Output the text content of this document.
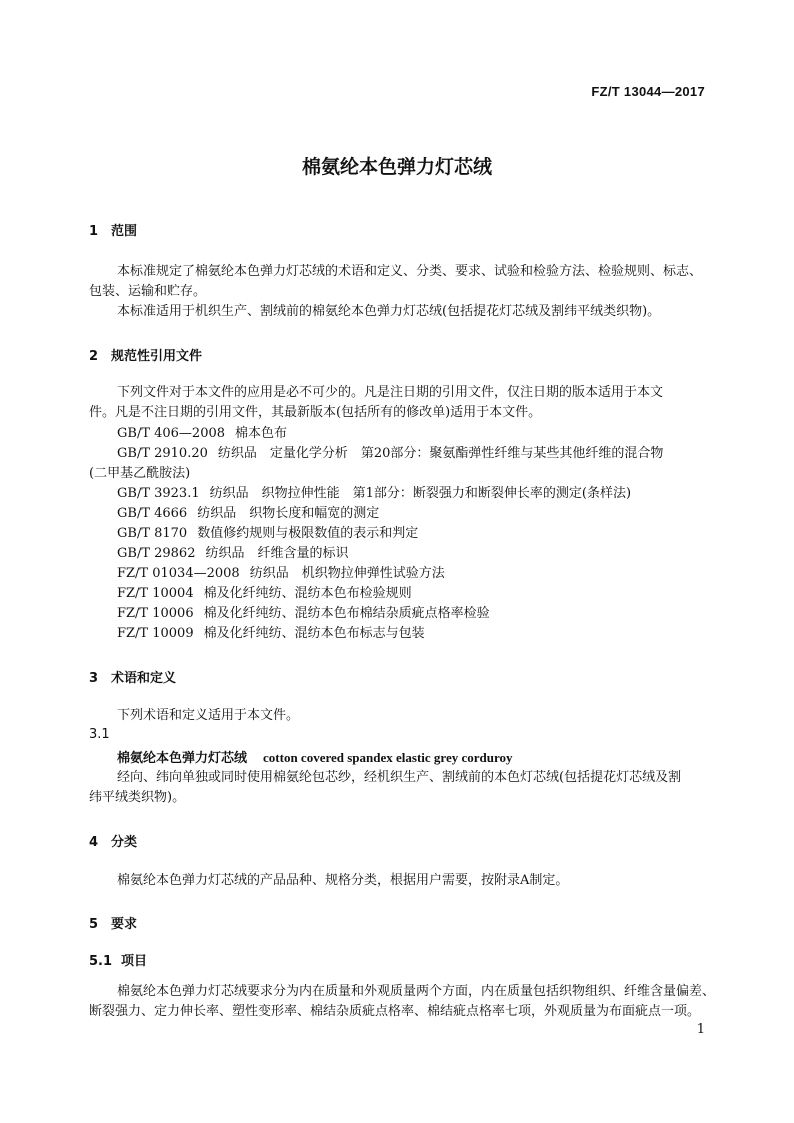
FZ/T 13044—2017
棉氨纶本色弹力灯芯绒
1 范围
本标准规定了棉氨纶本色弹力灯芯绒的术语和定义、分类、要求、试验和检验方法、检验规则、标志、
包装、运输和贮存。
本标准适用于机织生产、割绒前的棉氨纶本色弹力灯芯绒(包括提花灯芯绒及割纬平绒类织物)。
2 规范性引用文件
下列文件对于本文件的应用是必不可少的。凡是注日期的引用文件，仅注日期的版本适用于本文
件。凡是不注日期的引用文件，其最新版本(包括所有的修改单)适用于本文件。
GB/T 406—2008 棉本色布
GB/T 2910.20 纺织品　定量化学分析　第20部分：聚氨酯弹性纤维与某些其他纤维的混合物
(二甲基乙酰胺法)
GB/T 3923.1 纺织品　织物拉伸性能　第1部分：断裂强力和断裂伸长率的测定(条样法)
GB/T 4666 纺织品　织物长度和幅宽的测定
GB/T 8170 数值修约规则与极限数值的表示和判定
GB/T 29862 纺织品　纤维含量的标识
FZ/T 01034—2008 纺织品　机织物拉伸弹性试验方法
FZ/T 10004 棉及化纤纯纺、混纺本色布检验规则
FZ/T 10006 棉及化纤纯纺、混纺本色布棉结杂质疵点格率检验
FZ/T 10009 棉及化纤纯纺、混纺本色布标志与包装
3 术语和定义
下列术语和定义适用于本文件。
3.1
棉氨纶本色弹力灯芯绒 cotton covered spandex elastic grey corduroy
经向、纬向单独或同时使用棉氨纶包芯纱，经机织生产、割绒前的本色灯芯绒(包括提花灯芯绒及割
纬平绒类织物)。
4 分类
棉氨纶本色弹力灯芯绒的产品品种、规格分类，根据用户需要，按附录A制定。
5 要求
5.1 项目
棉氨纶本色弹力灯芯绒要求分为内在质量和外观质量两个方面，内在质量包括织物组织、纤维含量偏差、
断裂强力、定力伸长率、塑性变形率、棉结杂质疵点格率、棉结疵点格率七项，外观质量为布面疵点一项。
1
